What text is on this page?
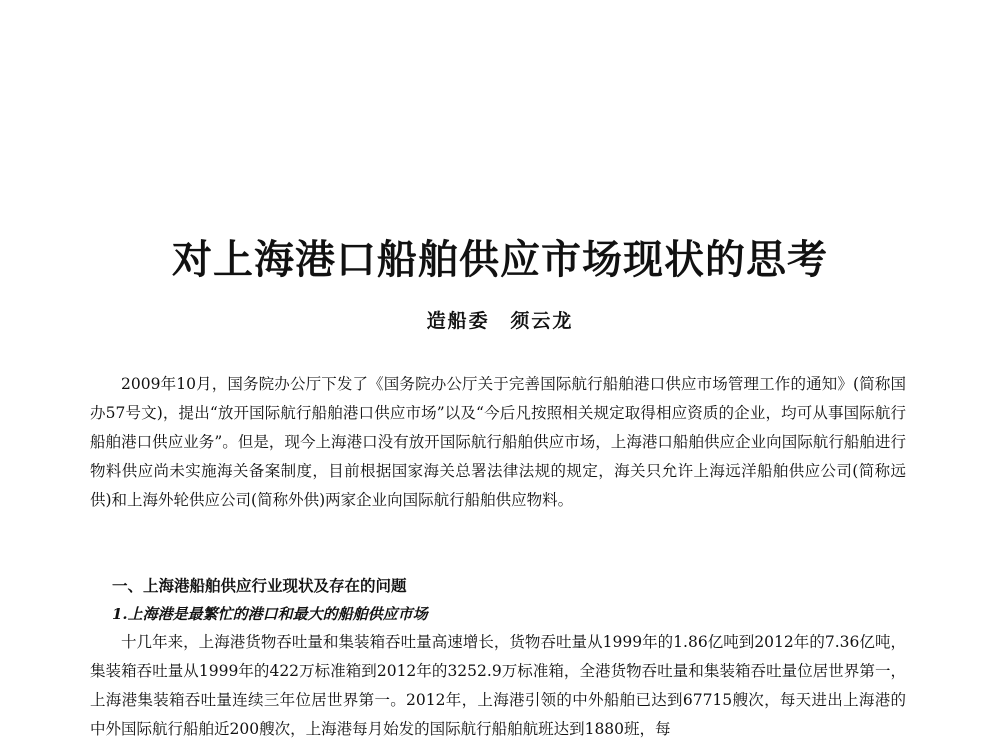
对上海港口船舶供应市场现状的思考
造船委 须云龙

2009年10月，国务院办公厅下发了《国务院办公厅关于完善国际航行船舶港口供应市场管理工作的通知》(简称国办57号文)，提出“放开国际航行船舶港口供应市场”以及“今后凡按照相关规定取得相应资质的企业，均可从事国际航行船舶港口供应业务”。但是，现今上海港口没有放开国际航行船舶供应市场，上海港口船舶供应企业向国际航行船舶进行物料供应尚未实施海关备案制度，目前根据国家海关总署法律法规的规定，海关只允许上海远洋船舶供应公司(简称远供)和上海外轮供应公司(简称外供)两家企业向国际航行船舶供应物料。

一、上海港船舶供应行业现状及存在的问题
1.上海港是最繁忙的港口和最大的船舶供应市场

十几年来，上海港货物吞吐量和集装箱吞吐量高速增长，货物吞吐量从1999年的1.86亿吨到2012年的7.36亿吨，集装箱吞吐量从1999年的422万标准箱到2012年的3252.9万标准箱，全港货物吞吐量和集装箱吞吐量位居世界第一，上海港集装箱吞吐量连续三年位居世界第一。2012年，上海港引领的中外船舶已达到67715艘次，每天进出上海港的中外国际航行船舶近200艘次，上海港每月始发的国际航行船舶航班达到1880班，每
